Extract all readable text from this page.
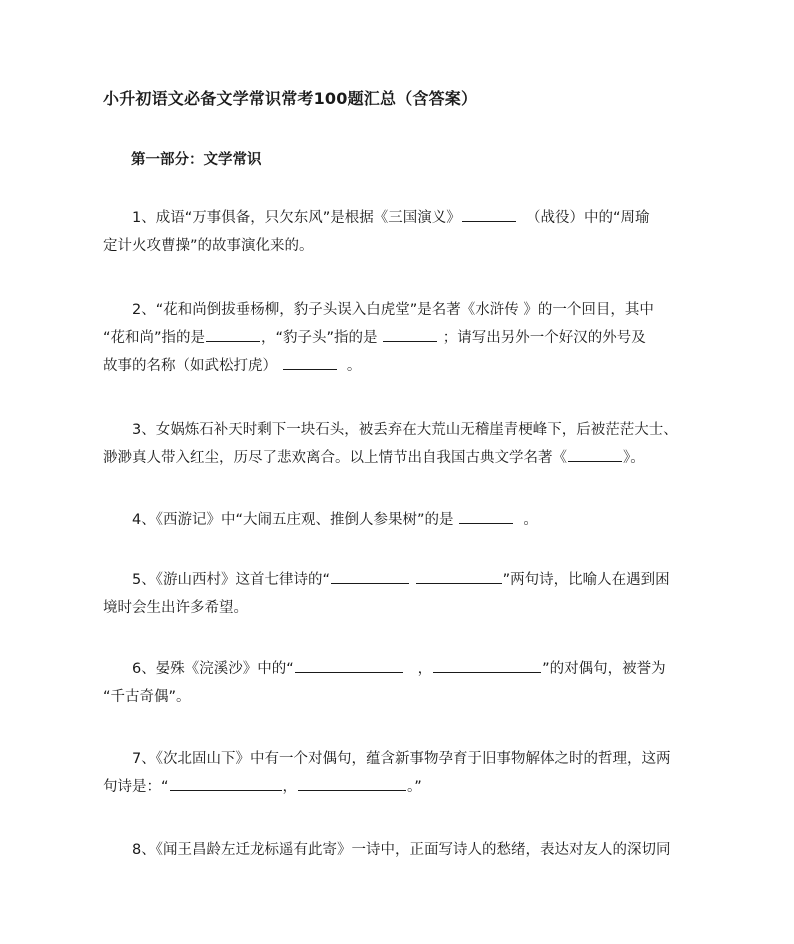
小升初语文必备文学常识常考100题汇总（含答案）
第一部分：文学常识

1、成语“万事俱备，只欠东风”是根据《三国演义》	（战役）中的“周瑜

定计火攻曹操”的故事演化来的。

2、“花和尚倒拔垂杨柳，豹子头误入白虎堂”是名著《水浒传 》的一个回目，其中

“花和尚”指的是	，“豹子头”指的是	；请写出另外一个好汉的外号及

故事的名称（如武松打虎）	。

3、女娲炼石补天时剩下一块石头，被丢弃在大荒山无稽崖青梗峰下，后被茫茫大士、

渺渺真人带入红尘，历尽了悲欢离合。以上情节出自我国古典文学名著《	》。

4、《西游记》中“大闹五庄观、推倒人参果树”的是	。

5、《游山西村》这首七律诗的“	”两句诗，比喻人在遇到困

境时会生出许多希望。

6、晏殊《浣溪沙》中的“	，	”的对偶句，被誉为

“千古奇偶”。

7、《次北固山下》中有一个对偶句，蕴含新事物孕育于旧事物解体之时的哲理，这两

句诗是：“	，	。”

8、《闻王昌龄左迁龙标遥有此寄》一诗中，正面写诗人的愁绪，表达对友人的深切同
